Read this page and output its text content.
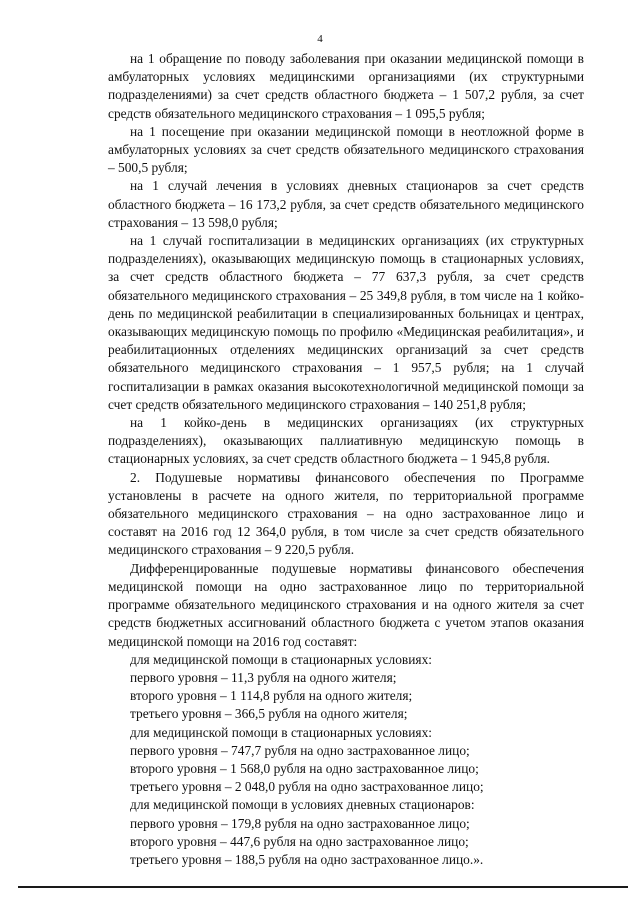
4

на 1 обращение по поводу заболевания при оказании медицинской помощи в амбулаторных условиях медицинскими организациями (их структурными подразделениями) за счет средств областного бюджета – 1 507,2 рубля, за счет средств обязательного медицинского страхования – 1 095,5 рубля;

на 1 посещение при оказании медицинской помощи в неотложной форме в амбулаторных условиях за счет средств обязательного медицинского страхования – 500,5 рубля;

на 1 случай лечения в условиях дневных стационаров за счет средств областного бюджета – 16 173,2 рубля, за счет средств обязательного медицинского страхования – 13 598,0 рубля;

на 1 случай госпитализации в медицинских организациях (их структурных подразделениях), оказывающих медицинскую помощь в стационарных условиях, за счет средств областного бюджета – 77 637,3 рубля, за счет средств обязательного медицинского страхования – 25 349,8 рубля, в том числе на 1 койко-день по медицинской реабилитации в специализированных больницах и центрах, оказывающих медицинскую помощь по профилю «Медицинская реабилитация», и реабилитационных отделениях медицинских организаций за счет средств обязательного медицинского страхования – 1 957,5 рубля; на 1 случай госпитализации в рамках оказания высокотехнологичной медицинской помощи за счет средств обязательного медицинского страхования – 140 251,8 рубля;

на 1 койко-день в медицинских организациях (их структурных подразделениях), оказывающих паллиативную медицинскую помощь в стационарных условиях, за счет средств областного бюджета – 1 945,8 рубля.

2. Подушевые нормативы финансового обеспечения по Программе установлены в расчете на одного жителя, по территориальной программе обязательного медицинского страхования – на одно застрахованное лицо и составят на 2016 год 12 364,0 рубля, в том числе за счет средств обязательного медицинского страхования – 9 220,5 рубля.

Дифференцированные подушевые нормативы финансового обеспечения медицинской помощи на одно застрахованное лицо по территориальной программе обязательного медицинского страхования и на одного жителя за счет средств бюджетных ассигнований областного бюджета с учетом этапов оказания медицинской помощи на 2016 год составят:

для медицинской помощи в стационарных условиях:

первого уровня – 11,3 рубля на одного жителя;

второго уровня – 1 114,8 рубля на одного жителя;

третьего уровня – 366,5 рубля на одного жителя;

для медицинской помощи в стационарных условиях:

первого уровня – 747,7 рубля на одно застрахованное лицо;

второго уровня – 1 568,0 рубля на одно застрахованное лицо;

третьего уровня – 2 048,0 рубля на одно застрахованное лицо;

для медицинской помощи в условиях дневных стационаров:

первого уровня – 179,8 рубля на одно застрахованное лицо;

второго уровня – 447,6 рубля на одно застрахованное лицо;

третьего уровня – 188,5 рубля на одно застрахованное лицо.».
